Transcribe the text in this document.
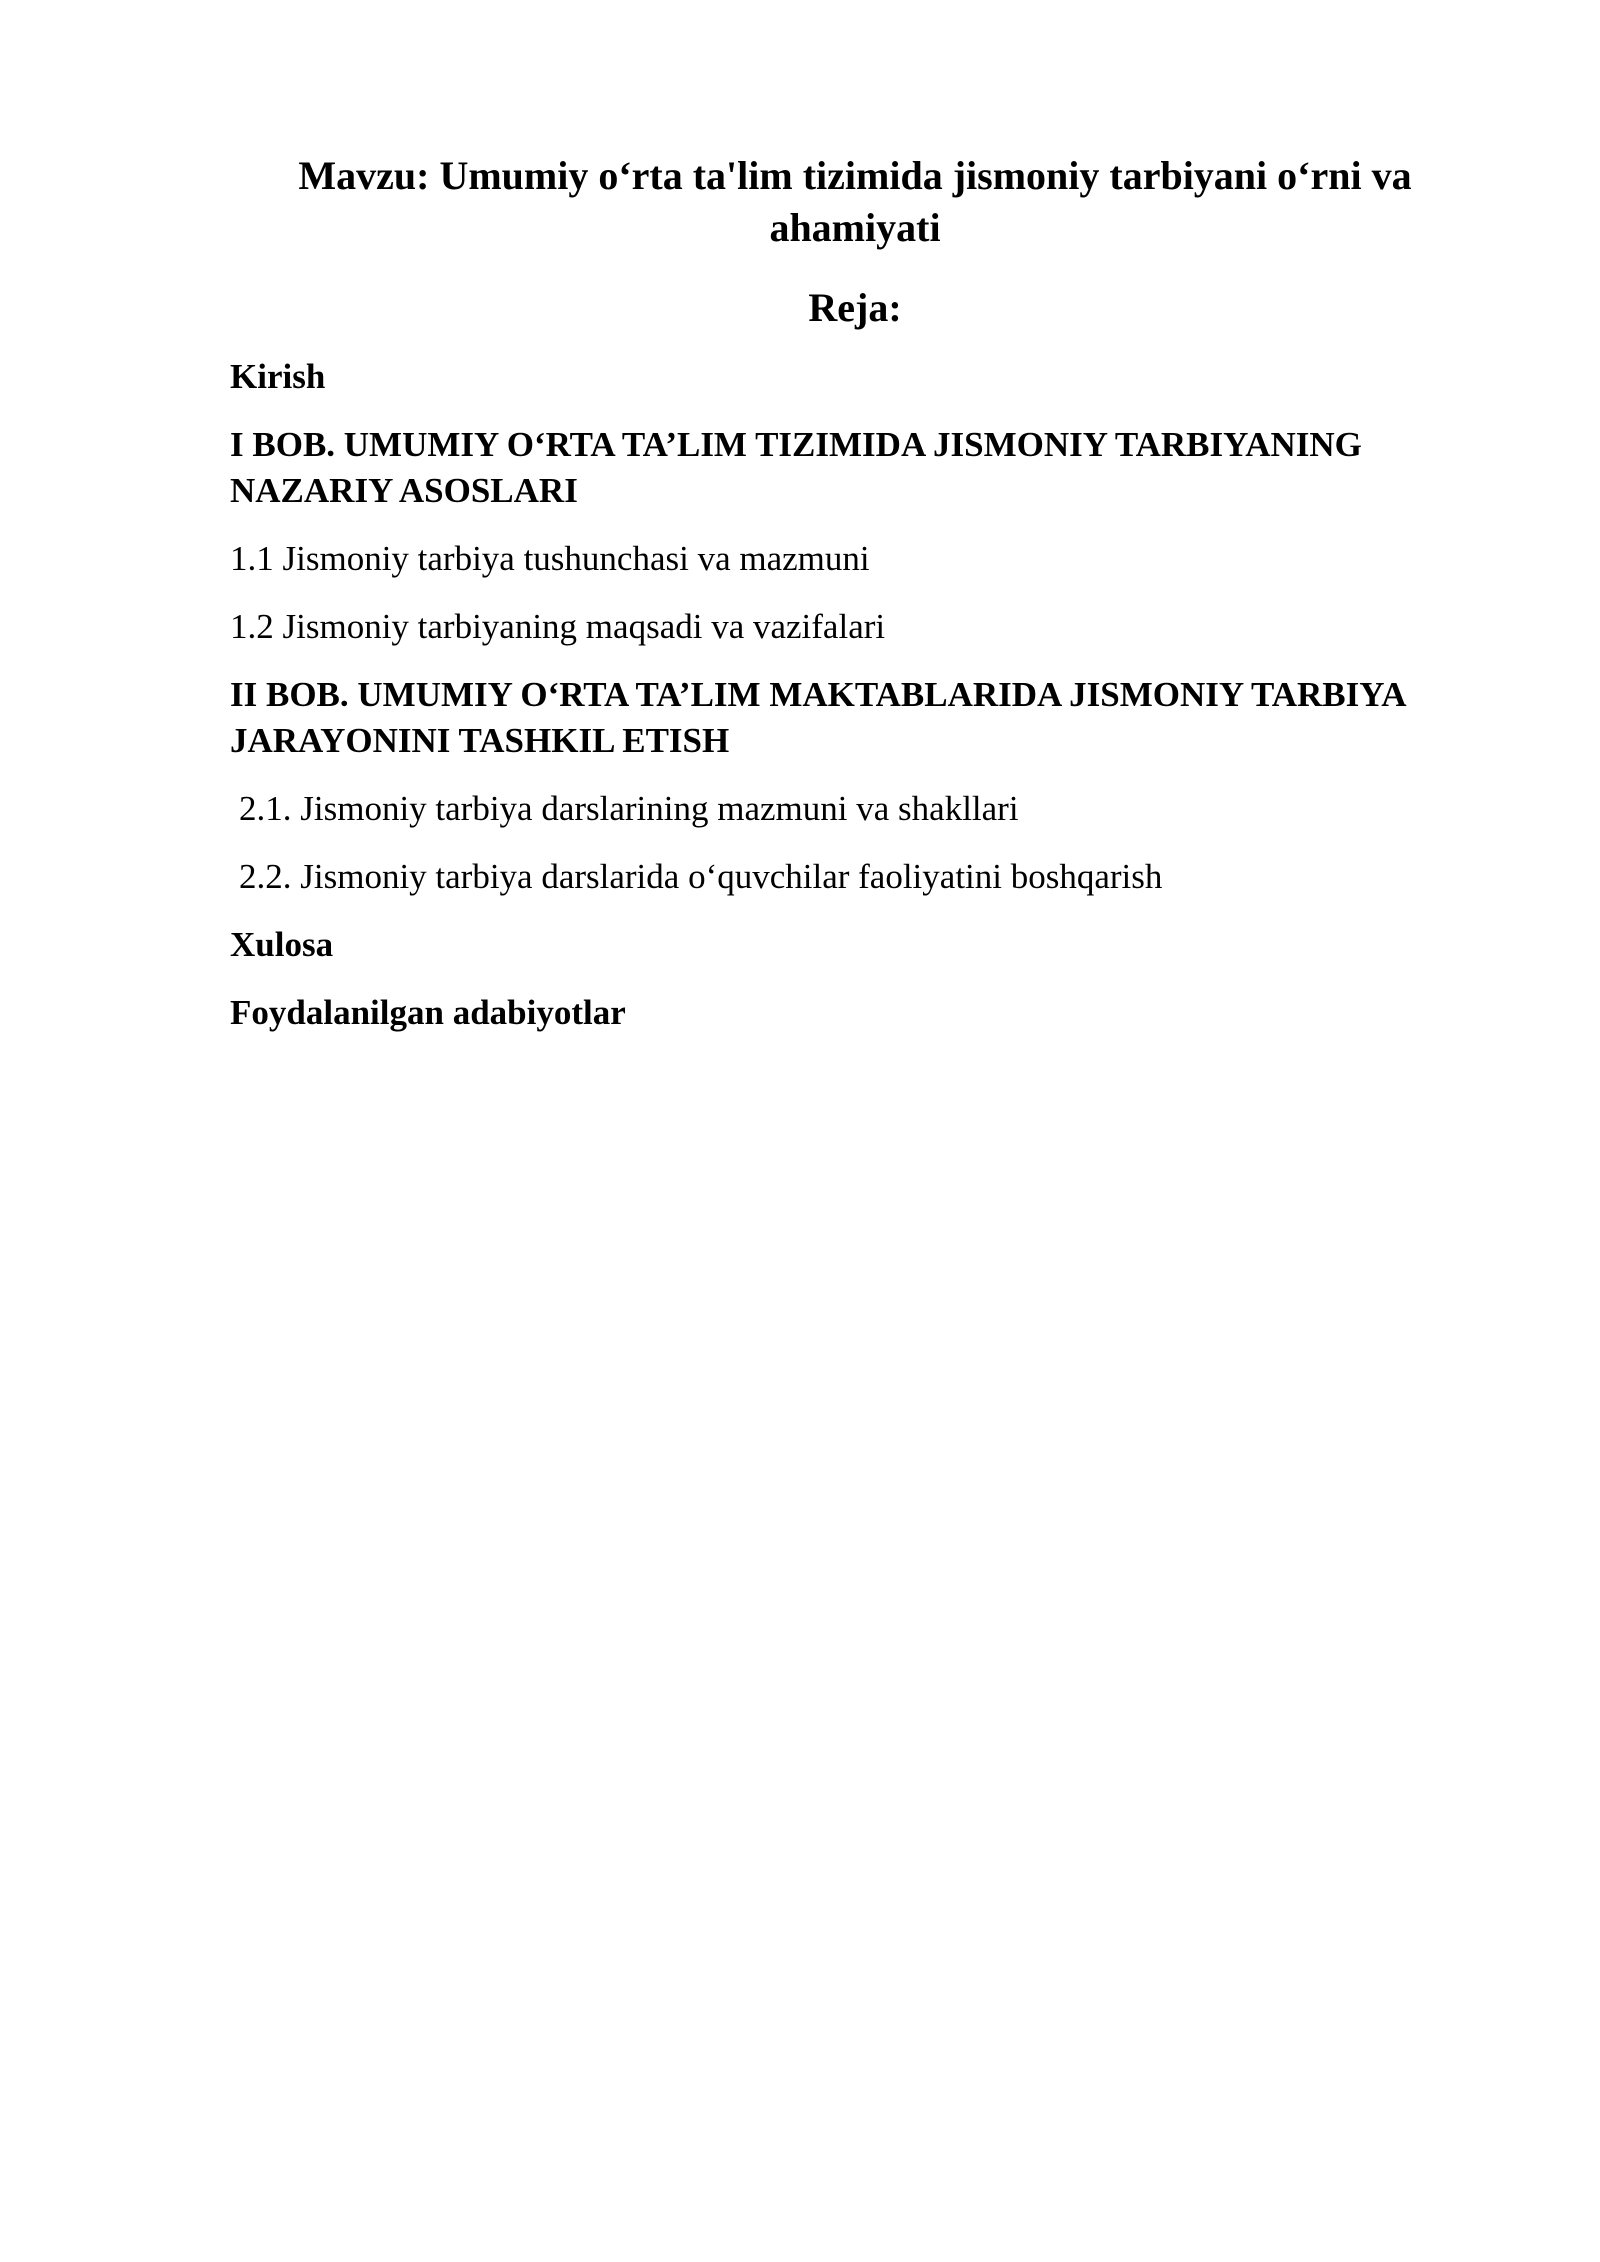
Mavzu: Umumiy o‘rta ta'lim tizimida jismoniy tarbiyani o‘rni va ahamiyati
Reja:
Kirish
I BOB. UMUMIY O‘RTA TA’LIM TIZIMIDA JISMONIY TARBIYANING NAZARIY ASOSLARI
1.1 Jismoniy tarbiya tushunchasi va mazmuni
1.2 Jismoniy tarbiyaning maqsadi va vazifalari
II BOB. UMUMIY O‘RTA TA’LIM MAKTABLARIDA JISMONIY TARBIYA JARAYONINI TASHKIL ETISH
2.1. Jismoniy tarbiya darslarining mazmuni va shakllari
2.2. Jismoniy tarbiya darslarida o‘quvchilar faoliyatini boshqarish
Xulosa
Foydalanilgan adabiyotlar
